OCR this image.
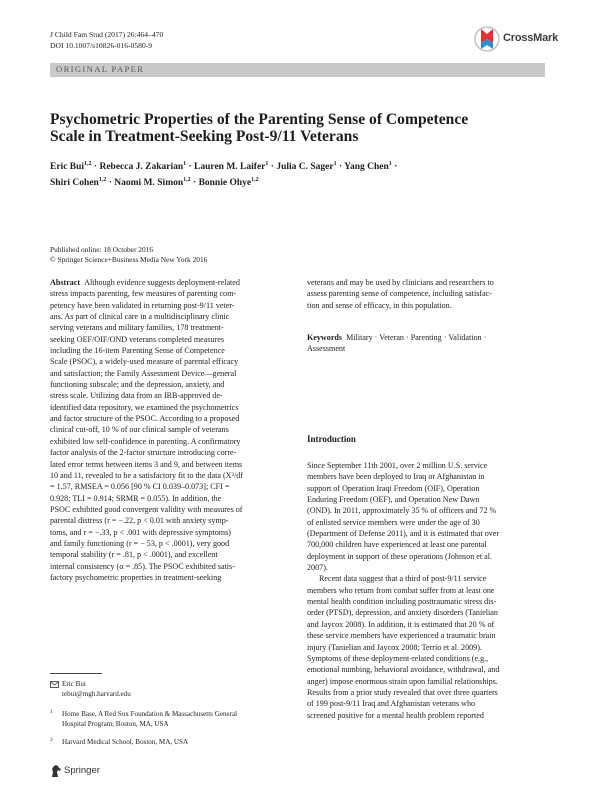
J Child Fam Stud (2017) 26:464–470
DOI 10.1007/s10826-016-0580-9
CrossMark
ORIGINAL PAPER
Psychometric Properties of the Parenting Sense of Competence
Scale in Treatment-Seeking Post-9/11 Veterans
Eric Bui$^{1,2}$ · Rebecca J. Zakarian$^1$ · Lauren M. Laifer$^1$ · Julia C. Sager$^1$ · Yang Chen$^1$ ·
Shiri Cohen$^{1,2}$ · Naomi M. Simon$^{1,2}$ · Bonnie Ohye$^{1,2}$
Published online: 18 October 2016
© Springer Science+Business Media New York 2016

Abstract Although evidence suggests deployment-related

stress impacts parenting, few measures of parenting com-

petency have been validated in returning post-9/11 veter-

ans. As part of clinical care in a multidisciplinary clinic

serving veterans and military families, 178 treatment-

seeking OEF/OIF/OND veterans completed measures

including the 16-item Parenting Sense of Competence

Scale (PSOC), a widely-used measure of parental efficacy

and satisfaction; the Family Assessment Device—general

functioning subscale; and the depression, anxiety, and

stress scale. Utilizing data from an IRB-approved de-

identified data repository, we examined the psychometrics

and factor structure of the PSOC. According to a proposed

clinical cut-off, 10 % of our clinical sample of veterans

exhibited low self-confidence in parenting. A confirmatory

factor analysis of the 2-factor structure introducing corre-

lated error terms between items 3 and 9, and between items

10 and 11, revealed to be a satisfactory fit to the data (X²/df

= 1.57, RMSEA = 0.056 [90 % CI 0.039–0.073]; CFI =

0.928; TLI = 0.914; SRMR = 0.055). In addition, the

PSOC exhibited good convergent validity with measures of

parental distress (r = −.22, p < 0.01 with anxiety symp-

toms, and r = −.33, p < .001 with depressive symptoms)

and family functioning (r = − 53, p < .0001), very good

temporal stability (r = .81, p < .0001), and excellent

internal consistency (α = .85). The PSOC exhibited satis-

factory psychometric properties in treatment-seeking

veterans and may be used by clinicians and researchers to

assess parenting sense of competence, including satisfac-

tion and sense of efficacy, in this population.

Keywords Military · Veteran · Parenting · Validation ·

Assessment

Introduction

Since September 11th 2001, over 2 million U.S. service

members have been deployed to Iraq or Afghanistan in

support of Operation Iraqi Freedom (OIF), Operation

Enduring Freedom (OEF), and Operation New Dawn

(OND). In 2011, approximately 35 % of officers and 72 %

of enlisted service members were under the age of 30

(Department of Defense 2011), and it is estimated that over

700,000 children have experienced at least one parental

deployment in support of these operations (Johnson et al.

2007).

Recent data suggest that a third of post-9/11 service

members who return from combat suffer from at least one

mental health condition including posttraumatic stress dis-

order (PTSD), depression, and anxiety disorders (Tanielian

and Jaycox 2008). In addition, it is estimated that 20 % of

these service members have experienced a traumatic brain

injury (Tanielian and Jaycox 2008; Terrio et al. 2009).

Symptoms of these deployment-related conditions (e.g.,

emotional numbing, behavioral avoidance, withdrawal, and

anger) impose enormous strain upon familial relationships.

Results from a prior study revealed that over three quarters

of 199 post-9/11 Iraq and Afghanistan veterans who

screened positive for a mental health problem reported

Eric Bui
tebui@mgh.harvard.edu
1 Home Base, A Red Sox Foundation & Massachusetts General
Hospital Program, Boston, MA, USA
2 Harvard Medical School, Boston, MA, USA
Springer
